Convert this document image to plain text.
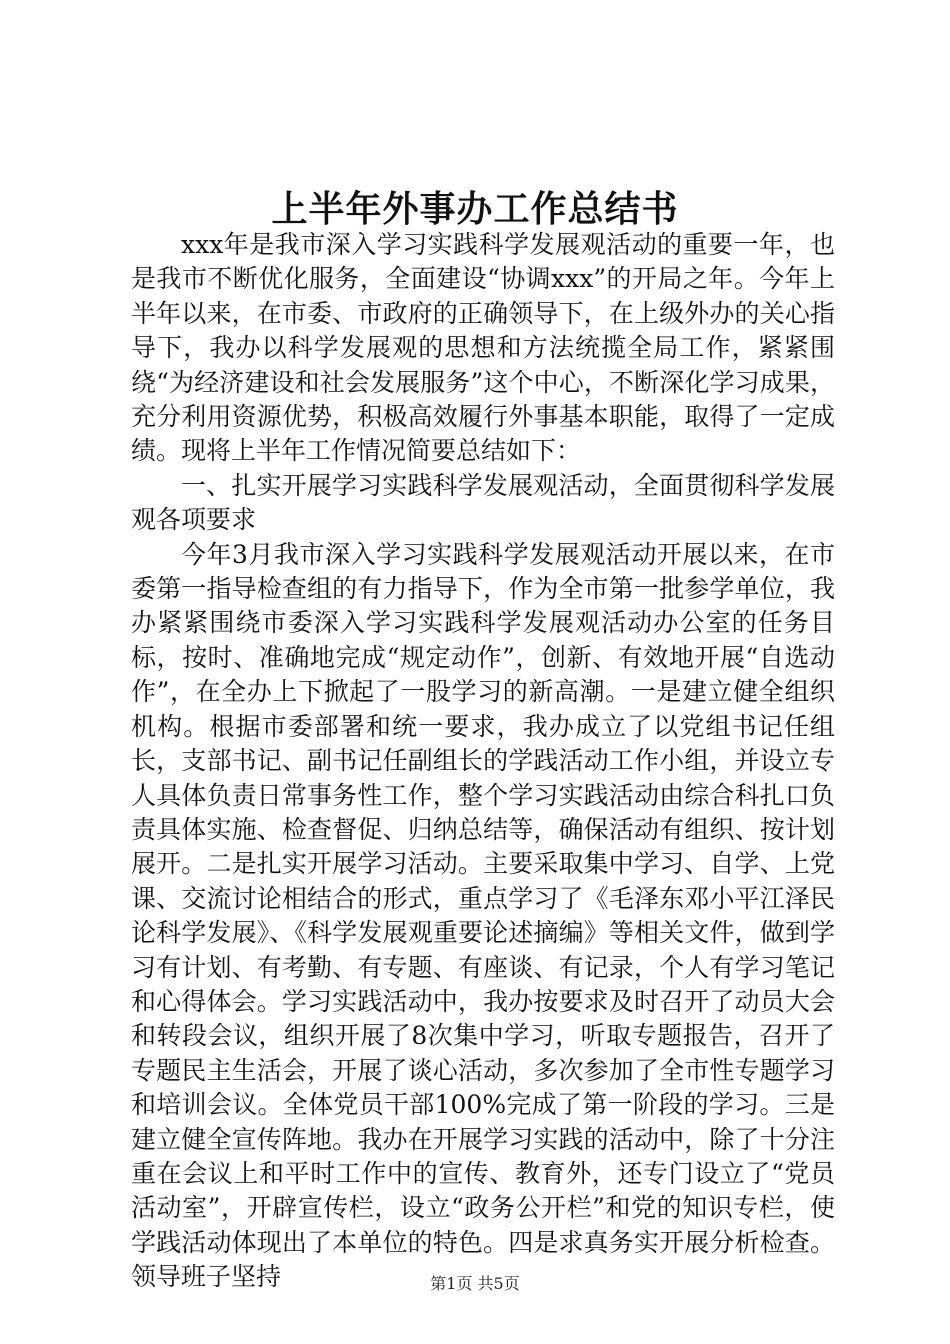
上半年外事办工作总结书

xxx年是我市深入学习实践科学发展观活动的重要一年，也是我市不断优化服务，全面建设“协调xxx”的开局之年。今年上半年以来，在市委、市政府的正确领导下，在上级外办的关心指导下，我办以科学发展观的思想和方法统揽全局工作，紧紧围绕“为经济建设和社会发展服务”这个中心，不断深化学习成果，充分利用资源优势，积极高效履行外事基本职能，取得了一定成绩。现将上半年工作情况简要总结如下：

一、扎实开展学习实践科学发展观活动，全面贯彻科学发展观各项要求

今年3月我市深入学习实践科学发展观活动开展以来，在市委第一指导检查组的有力指导下，作为全市第一批参学单位，我办紧紧围绕市委深入学习实践科学发展观活动办公室的任务目标，按时、准确地完成“规定动作”，创新、有效地开展“自选动作”，在全办上下掀起了一股学习的新高潮。一是建立健全组织机构。根据市委部署和统一要求，我办成立了以党组书记任组长，支部书记、副书记任副组长的学践活动工作小组，并设立专人具体负责日常事务性工作，整个学习实践活动由综合科扎口负责具体实施、检查督促、归纳总结等，确保活动有组织、按计划展开。二是扎实开展学习活动。主要采取集中学习、自学、上党课、交流讨论相结合的形式，重点学习了《毛泽东邓小平江泽民论科学发展》、《科学发展观重要论述摘编》等相关文件，做到学习有计划、有考勤、有专题、有座谈、有记录，个人有学习笔记和心得体会。学习实践活动中，我办按要求及时召开了动员大会和转段会议，组织开展了8次集中学习，听取专题报告，召开了专题民主生活会，开展了谈心活动，多次参加了全市性专题学习和培训会议。全体党员干部100%完成了第一阶段的学习。三是建立健全宣传阵地。我办在开展学习实践的活动中，除了十分注重在会议上和平时工作中的宣传、教育外，还专门设立了“党员活动室”，开辟宣传栏，设立“政务公开栏”和党的知识专栏，使学践活动体现出了本单位的特色。四是求真务实开展分析检查。领导班子坚持	第1页 共5页
